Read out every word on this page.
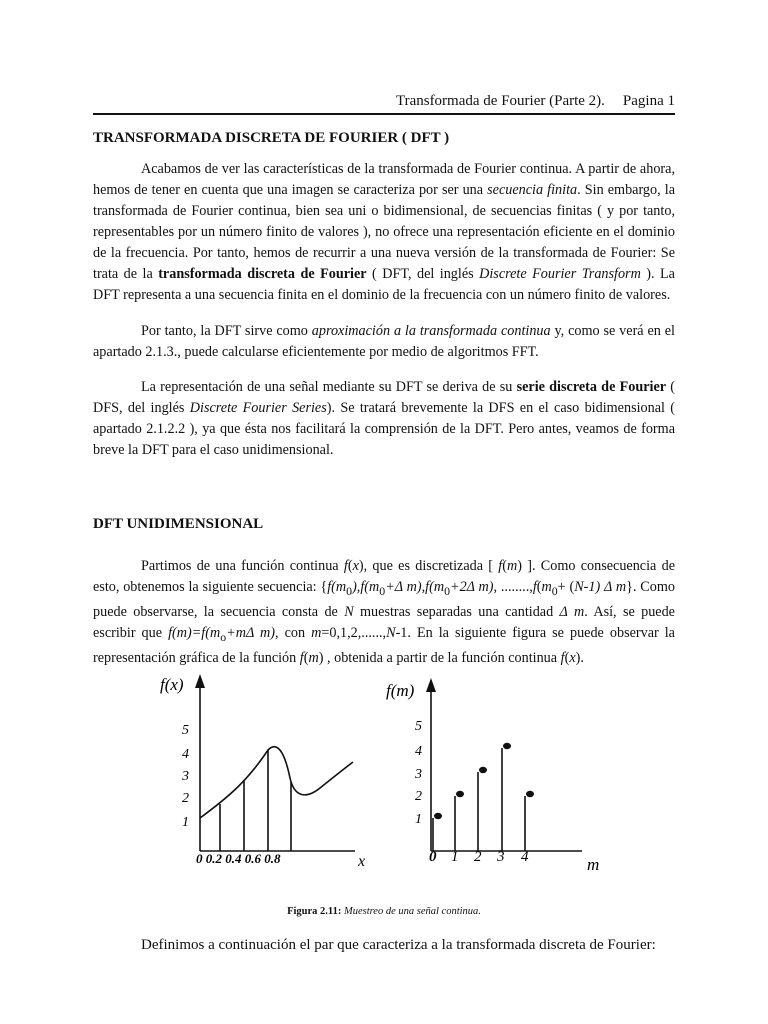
Transformada de Fourier (Parte 2). Pagina 1
TRANSFORMADA DISCRETA DE FOURIER ( DFT )

Acabamos de ver las características de la transformada de Fourier continua. A partir de ahora, hemos de tener en cuenta que una imagen se caracteriza por ser una secuencia finita. Sin embargo, la transformada de Fourier continua, bien sea uni o bidimensional, de secuencias finitas ( y por tanto, representables por un número finito de valores ), no ofrece una representación eficiente en el dominio de la frecuencia. Por tanto, hemos de recurrir a una nueva versión de la transformada de Fourier: Se trata de la transformada discreta de Fourier ( DFT, del inglés Discrete Fourier Transform ). La DFT representa a una secuencia finita en el dominio de la frecuencia con un número finito de valores.

Por tanto, la DFT sirve como aproximación a la transformada continua y, como se verá en el apartado 2.1.3., puede calcularse eficientemente por medio de algoritmos FFT.

La representación de una señal mediante su DFT se deriva de su serie discreta de Fourier ( DFS, del inglés Discrete Fourier Series). Se tratará brevemente la DFS en el caso bidimensional ( apartado 2.1.2.2 ), ya que ésta nos facilitará la comprensión de la DFT. Pero antes, veamos de forma breve la DFT para el caso unidimensional.

DFT UNIDIMENSIONAL

Partimos de una función continua f(x), que es discretizada [ f(m) ]. Como consecuencia de esto, obtenemos la siguiente secuencia: {$f(m_0),f(m_0+\Delta$ $m),f(m_0+2\Delta$ m), $........,f(m_0+ (N-1)$ Δ m}. Como puede observarse, la secuencia consta de N muestras separadas una cantidad Δ m. Así, se puede escribir que $f(m)=f(m_o+m\Delta$ m), con m=0,1,2,......,N-1. En la siguiente figura se puede observar la representación gráfica de la función f(m) , obtenida a partir de la función continua f(x).

f(x)
5
4
3
2
1
0 0.2 0.4 0.6 0.8	x
f(m)
5
4
3
2
1
0 1 2 3 4	m
Figura 2.11: Muestreo de una señal continua.
Definimos a continuación el par que caracteriza a la transformada discreta de Fourier:
